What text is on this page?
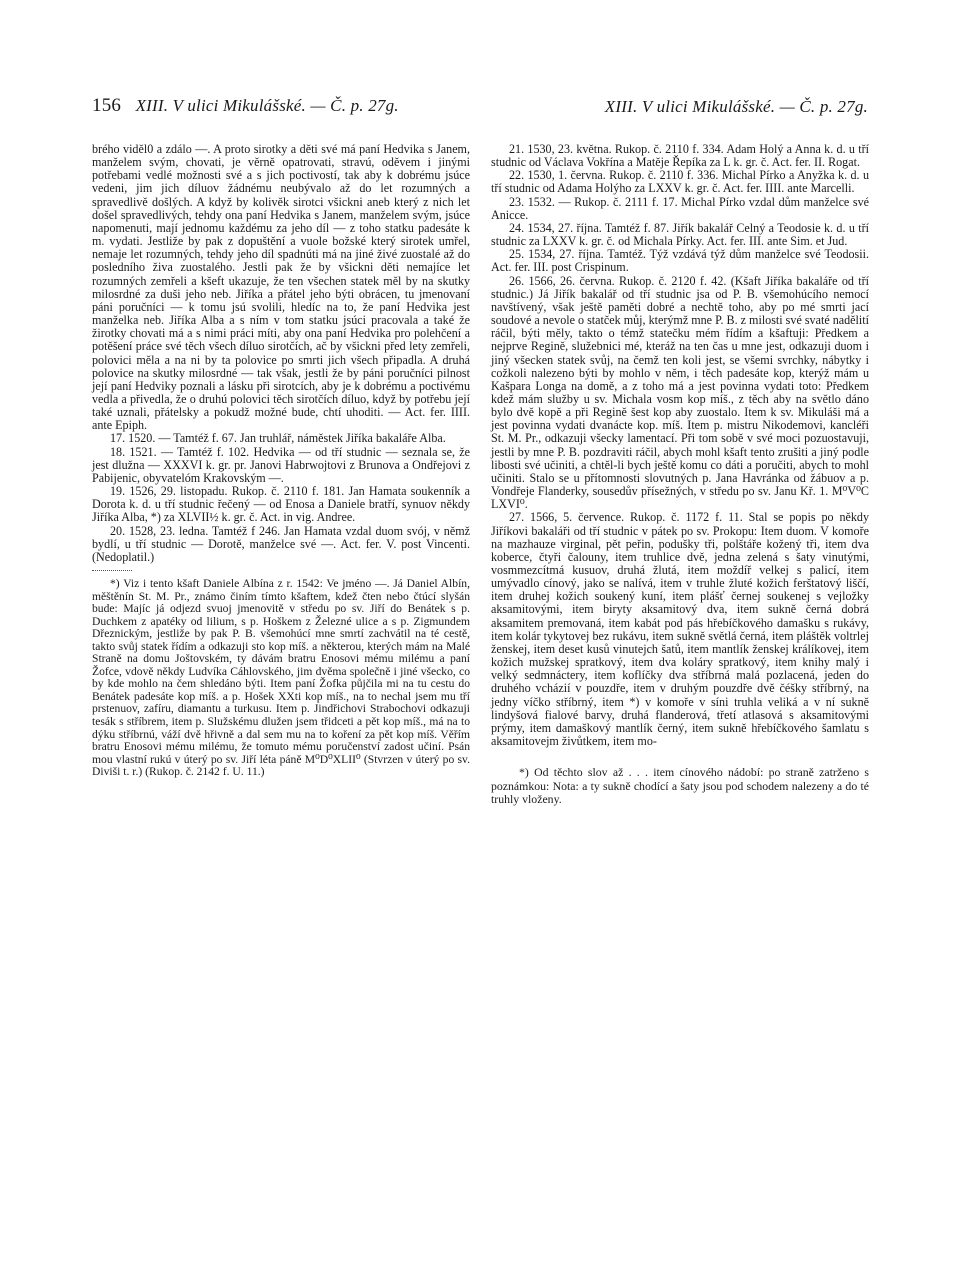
156 XIII. V ulici Mikulášské. — Č. p. 27g.	XIII. V ulici Mikulášské. — Č. p. 27g.

brého viděl0 a zdálo —. A proto sirotky a děti své má paní Hedvika s Janem, manželem svým, chovati, je věrně opatrovati, stravú, oděvem i jinými potřebami vedlé možnosti své a s jich poctivostí, tak aby k dobrému jsúce vedeni, jim jich díluov žádnému neubývalo až do let rozumných a spravedlivě došlých. A když by kolivěk sirotci všickni aneb který z nich let došel spravedlivých, tehdy ona paní Hedvika s Janem, manželem svým, jsúce napomenuti, mají jednomu každému za jeho díl — z toho statku padesáte k m. vydati. Jestliže by pak z dopuštění a vuole božské který sirotek umřel, nemaje let rozumných, tehdy jeho díl spadnúti má na jiné živé zuostalé až do posledního živa zuostalého. Jestli pak že by všickni děti nemajíce let rozumných zemřeli a kšeft ukazuje, že ten všechen statek měl by na skutky milosrdné za duši jeho neb. Jiříka a přátel jeho býti obrácen, tu jmenovaní páni poručníci — k tomu jsú svolili, hledíc na to, že paní Hedvika jest manželka neb. Jiříka Alba a s ním v tom statku jsúci pracovala a také že žirotky chovati má a s nimi práci míti, aby ona paní Hedvika pro polehčení a potěšení práce své těch všech díluo sirotčích, ač by všickni před lety zemřeli, polovici měla a na ni by ta polovice po smrti jich všech připadla. A druhá polovice na skutky milosrdné — tak však, jestli že by páni poručníci pilnost její paní Hedviky poznali a lásku při sirotcích, aby je k dobrému a poctivému vedla a přivedla, že o druhú polovici těch sirotčích díluo, když by potřebu její také uznali, přátelsky a pokudž možné bude, chtí uhoditi. — Act. fer. IIII. ante Epiph.

17. 1520. — Tamtéž f. 67. Jan truhlář, náměstek Jiříka bakaláře Alba.

18. 1521. — Tamtéž f. 102. Hedvika — od tří studnic — seznala se, že jest dlužna — XXXVI k. gr. pr. Janovi Habrwojtovi z Brunova a Ondřejovi z Pabijenic, obyvatelóm Krakovským —.

19. 1526, 29. listopadu. Rukop. č. 2110 f. 181. Jan Hamata soukenník a Dorota k. d. u tří studnic řečený — od Enosa a Daniele bratří, synuov někdy Jiříka Alba, *) za XLVII½ k. gr. č. Act. in vig. Andree.

20. 1528, 23. ledna. Tamtéž f 246. Jan Hamata vzdal duom svój, v němž bydlí, u tří studnic — Dorotě, manželce své —. Act. fer. V. post Vincenti. (Nedoplatil.)

*) Viz i tento kšaft Daniele Albína z r. 1542: Ve jméno —. Já Daniel Albín, měštěnín St. M. Pr., známo činím tímto kšaftem, kdež čten nebo čtúcí slyšán bude: Majíc já odjezd svuoj jmenovitě v středu po sv. Jiří do Benátek s p. Duchkem z apatéky od lilium, s p. Hoškem z Železné ulice a s p. Zigmundem Dřeznickým, jestliže by pak P. B. všemohúcí mne smrtí zachvátil na té cestě, takto svůj statek řídím a odkazuji sto kop míš. a některou, kterých mám na Malé Straně na domu Joštovském, ty dávám bratru Enosovi mému milému a paní Žofce, vdově někdy Ludvíka Cáhlovského, jim dvěma společně i jiné všecko, co by kde mohlo na čem shledáno býti. Item paní Žofka půjčila mi na tu cestu do Benátek padesáte kop míš. a p. Hošek XXti kop míš., na to nechal jsem mu tří prstenuov, zafíru, diamantu a turkusu. Item p. Jindřichovi Strabochovi odkazuji tesák s stříbrem, item p. Služskému dlužen jsem třidceti a pět kop míš., má na to dýku stříbrnú, váží dvě hřivně a dal sem mu na to koření za pět kop míš. Věřím bratru Enosovi mému milému, že tomuto mému poručenství zadost učiní. Psán mou vlastní rukú v úterý po sv. Jiří léta páně M⁰D⁰XLII⁰ (Stvrzen v úterý po sv. Diviši t. r.) (Rukop. č. 2142 f. U. 11.)

21. 1530, 23. května. Rukop. č. 2110 f. 334. Adam Holý a Anna k. d. u tří studnic od Václava Vokřína a Matěje Řepíka za L k. gr. č. Act. fer. II. Rogat.

22. 1530, 1. června. Rukop. č. 2110 f. 336. Michal Pírko a Anyžka k. d. u tří studnic od Adama Holýho za LXXV k. gr. č. Act. fer. IIII. ante Marcelli.

23. 1532. — Rukop. č. 2111 f. 17. Michal Pírko vzdal dům manželce své Anicce.

24. 1534, 27. října. Tamtéž f. 87. Jiřík bakalář Celný a Teodosie k. d. u tří studnic za LXXV k. gr. č. od Michala Pírky. Act. fer. III. ante Sim. et Jud.

25. 1534, 27. října. Tamtéž. Týž vzdává týž dům manželce své Teodosii. Act. fer. III. post Crispinum.

26. 1566, 26. června. Rukop. č. 2120 f. 42. (Kšaft Jiříka bakaláře od tří studnic.) Já Jiřík bakalář od tří studnic jsa od P. B. všemohúcího nemocí navštívený, však ještě paměti dobré a nechtě toho, aby po mé smrti jací soudové a nevole o statček můj, kterýmž mne P. B. z milosti své svaté nadělití ráčil, býti měly, takto o témž statečku mém řídím a kšaftuji: Předkem a nejprve Regině, služebnici mé, kteráž na ten čas u mne jest, odkazuji duom i jiný všecken statek svůj, na čemž ten koli jest, se všemi svrchky, nábytky i cožkoli nalezeno býti by mohlo v něm, i těch padesáte kop, kterýž mám u Kašpara Longa na domě, a z toho má a jest povinna vydati toto: Předkem kdež mám služby u sv. Michala vosm kop míš., z těch aby na světlo dáno bylo dvě kopě a při Regině šest kop aby zuostalo. Item k sv. Mikuláši má a jest povinna vydati dvanácte kop. míš. Item p. mistru Nikodemovi, kancléři St. M. Pr., odkazuji všecky lamentací. Při tom sobě v své moci pozuostavuji, jestli by mne P. B. pozdraviti ráčil, abych mohl kšaft tento zrušiti a jiný podle libosti své učiniti, a chtěl-li bych ještě komu co dáti a poručiti, abych to mohl učiniti. Stalo se u přítomnosti slovutných p. Jana Havránka od žábuov a p. Vondřeje Flanderky, sousedův přísežných, v středu po sv. Janu Kř. 1. M⁰V⁰C LXVI⁰.

27. 1566, 5. července. Rukop. č. 1172 f. 11. Stal se popis po někdy Jiříkovi bakaláři od tří studnic v pátek po sv. Prokopu: Item duom. V komoře na mazhauze virginal, pět peřin, podušky tři, polštáře kožený tři, item dva koberce, čtyři čalouny, item truhlice dvě, jedna zelená s šaty vinutými, vosmmezcítmá kusuov, druhá žlutá, item moždíř velkej s palicí, item umývadlo cínový, jako se nalívá, item v truhle žluté kožich ferštatový liščí, item druhej kožich soukený kuní, item plášť černej soukenej s vejložky aksamitovými, item biryty aksamitový dva, item sukně černá dobrá aksamitem premovaná, item kabát pod pás hřebíčkového damašku s rukávy, item kolár tykytovej bez rukávu, item sukně světlá černá, item pláštěk voltrlej ženskej, item deset kusů vinutejch šatů, item mantlík ženskej králíkovej, item kožich mužskej spratkový, item dva koláry spratkový, item knihy malý i velký sedmnáctery, item koflíčky dva stříbrná malá pozlacená, jeden do druhého vcházií v pouzdře, item v druhým pouzdře dvě čéšky stříbrný, na jedny víčko stříbrný, item *) v komoře v síni truhla veliká a v ní sukně lindyšová fialové barvy, druhá flanderová, třetí atlasová s aksamitovými prýmy, item damaškový mantlík černý, item sukně hřebíčkového šamlatu s aksamitovejm živůtkem, item mo-

*) Od těchto slov až . . . item cínového nádobí: po straně zatrženo s poznámkou: Nota: a ty sukně chodící a šaty jsou pod schodem nalezeny a do té truhly vloženy.
